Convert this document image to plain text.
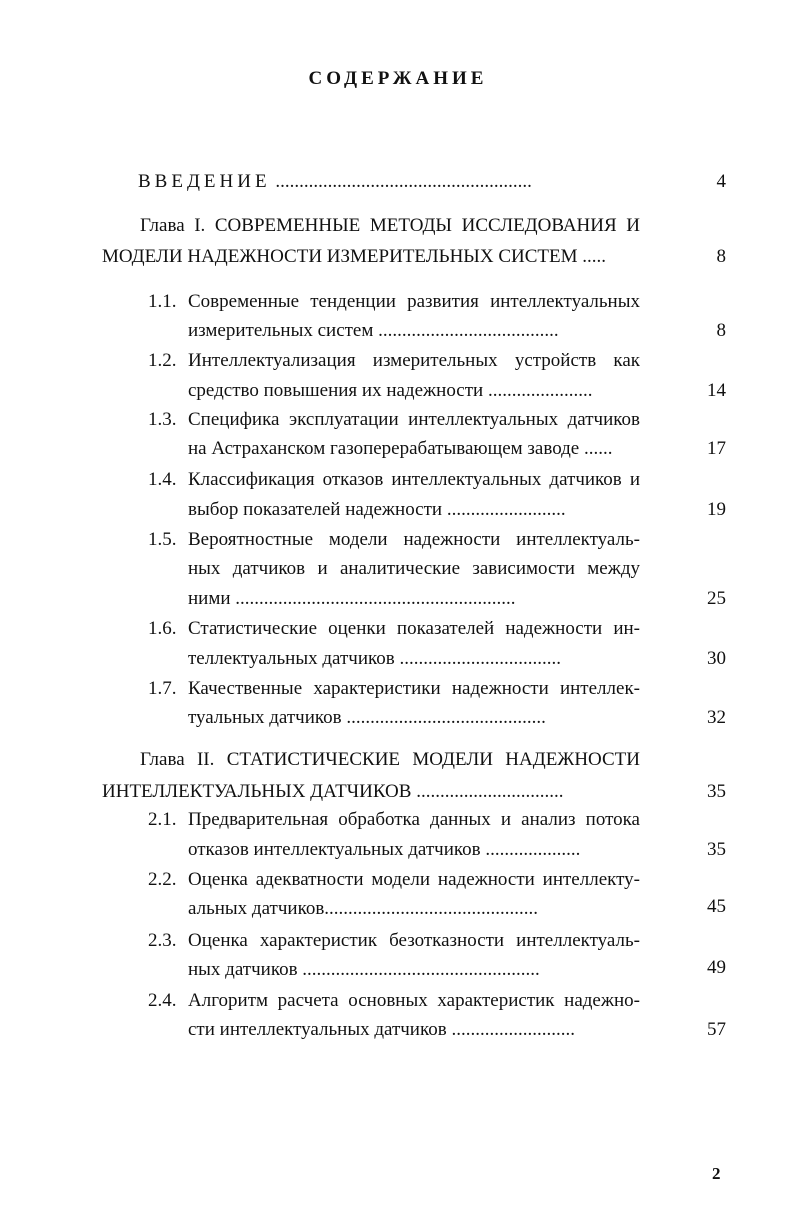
СОДЕРЖАНИЕ
ВВЕДЕНИЕ ......................................................	4
Глава I. СОВРЕМЕННЫЕ МЕТОДЫ ИССЛЕДОВАНИЯ И
МОДЕЛИ НАДЕЖНОСТИ ИЗМЕРИТЕЛЬНЫХ СИСТЕМ .....	8
1.1. Современные тенденции развития интеллектуальных
измерительных систем ......................................	8
1.2. Интеллектуализация измерительных устройств как
средство повышения их надежности ......................	14
1.3. Специфика эксплуатации интеллектуальных датчиков
на Астраханском газоперерабатывающем заводе ......	17
1.4. Классификация отказов интеллектуальных датчиков и
выбор показателей надежности .........................	19
1.5. Вероятностные модели надежности интеллектуаль-
ных датчиков и аналитические зависимости между
ними ...........................................................	25
1.6. Статистические оценки показателей надежности ин-
теллектуальных датчиков ..................................	30
1.7. Качественные характеристики надежности интеллек-
туальных датчиков ..........................................	32
Глава II. СТАТИСТИЧЕСКИЕ МОДЕЛИ НАДЕЖНОСТИ
ИНТЕЛЛЕКТУАЛЬНЫХ ДАТЧИКОВ ...............................	35
2.1. Предварительная обработка данных и анализ потока
отказов интеллектуальных датчиков ....................	35
2.2. Оценка адекватности модели надежности интеллекту-
альных датчиков.............................................	45
2.3. Оценка характеристик безотказности интеллектуаль-
ных датчиков ..................................................	49
2.4. Алгоритм расчета основных характеристик надежно-
сти интеллектуальных датчиков ..........................	57
2
